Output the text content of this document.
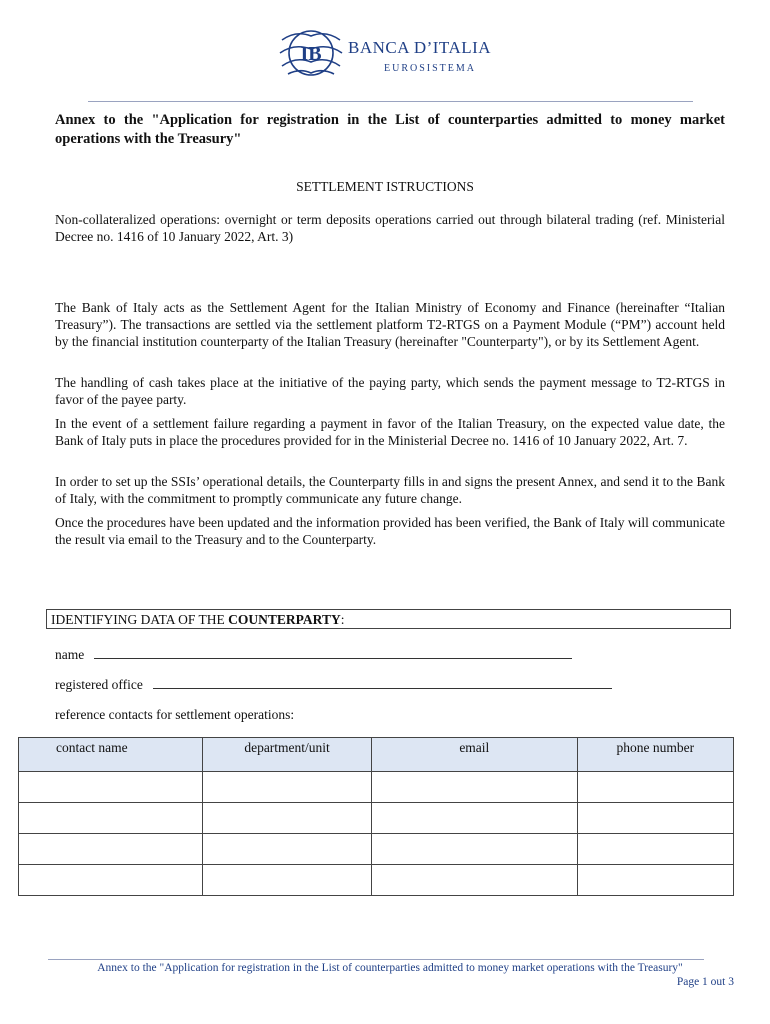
IB BANCA D’ITALIA
EUROSISTEMA
Annex to the "Application for registration in the List of counterparties admitted to money market operations with the Treasury"
SETTLEMENT ISTRUCTIONS
Non-collateralized operations: overnight or term deposits operations carried out through bilateral trading (ref. Ministerial Decree no. 1416 of 10 January 2022, Art. 3)
The Bank of Italy acts as the Settlement Agent for the Italian Ministry of Economy and Finance (hereinafter “Italian Treasury”). The transactions are settled via the settlement platform T2-RTGS on a Payment Module (“PM”) account held by the financial institution counterparty of the Italian Treasury (hereinafter "Counterparty"), or by its Settlement Agent.
The handling of cash takes place at the initiative of the paying party, which sends the payment message to T2-RTGS in favor of the payee party.
In the event of a settlement failure regarding a payment in favor of the Italian Treasury, on the expected value date, the Bank of Italy puts in place the procedures provided for in the Ministerial Decree no. 1416 of 10 January 2022, Art. 7.
In order to set up the SSIs’ operational details, the Counterparty fills in and signs the present Annex, and send it to the Bank of Italy, with the commitment to promptly communicate any future change.
Once the procedures have been updated and the information provided has been verified, the Bank of Italy will communicate the result via email to the Treasury and to the Counterparty.
IDENTIFYING DATA OF THE COUNTERPARTY:
name
registered office
reference contacts for settlement operations:
contact name	department/unit	email	phone number

Annex to the "Application for registration in the List of counterparties admitted to money market operations with the Treasury"
Page 1 out 3
